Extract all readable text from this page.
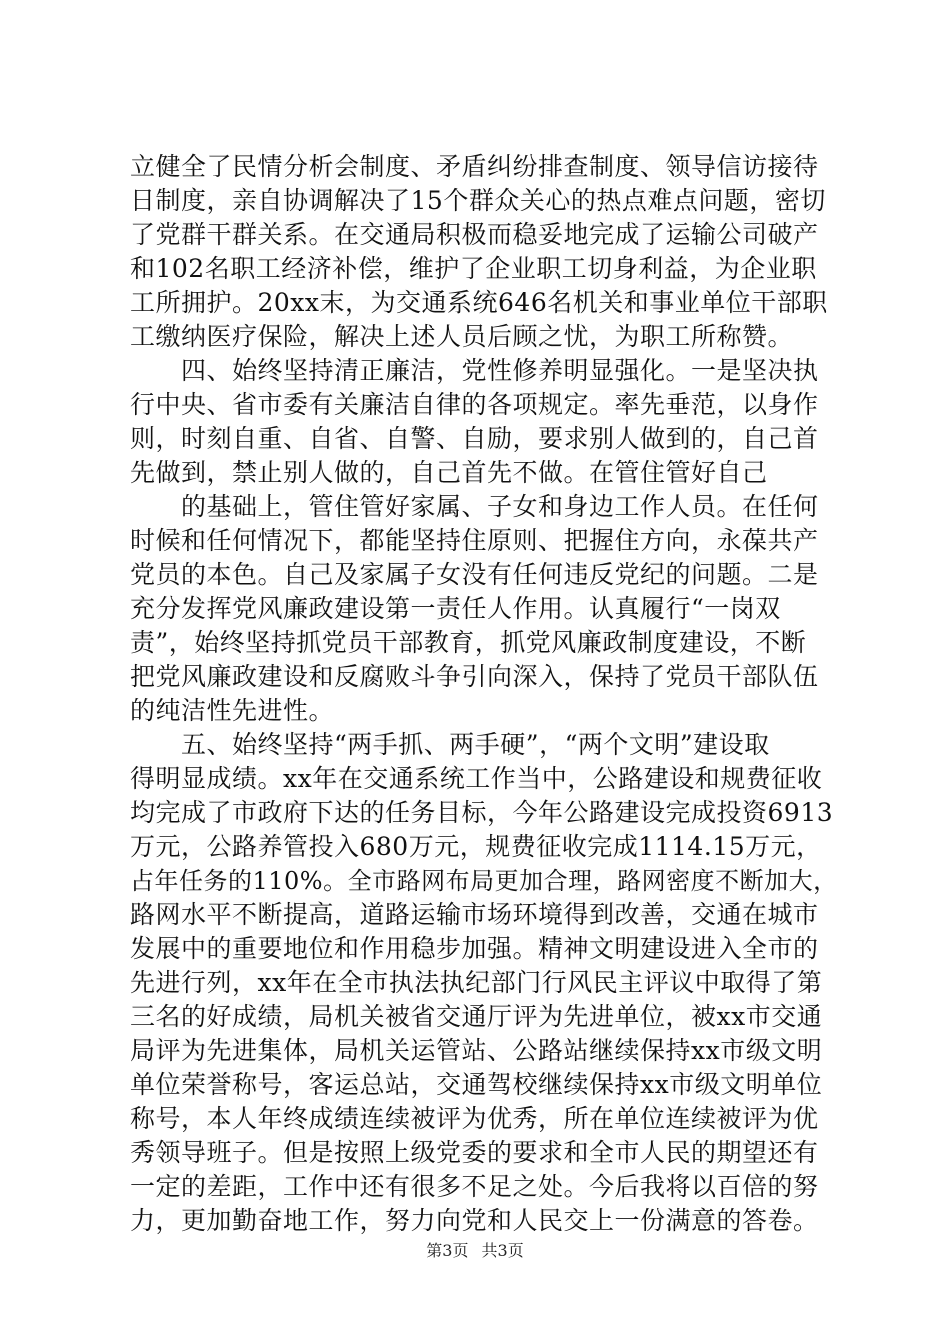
立健全了民情分析会制度、矛盾纠纷排查制度、领导信访接待
日制度，亲自协调解决了15个群众关心的热点难点问题，密切
了党群干群关系。在交通局积极而稳妥地完成了运输公司破产
和102名职工经济补偿，维护了企业职工切身利益，为企业职
工所拥护。20xx末，为交通系统646名机关和事业单位干部职
工缴纳医疗保险，解决上述人员后顾之忧，为职工所称赞。
　　四、始终坚持清正廉洁，党性修养明显强化。一是坚决执
行中央、省市委有关廉洁自律的各项规定。率先垂范，以身作
则，时刻自重、自省、自警、自励，要求别人做到的，自己首
先做到，禁止别人做的，自己首先不做。在管住管好自己
　　的基础上，管住管好家属、子女和身边工作人员。在任何
时候和任何情况下，都能坚持住原则、把握住方向，永葆共产
党员的本色。自己及家属子女没有任何违反党纪的问题。二是
充分发挥党风廉政建设第一责任人作用。认真履行“一岗双
责”，始终坚持抓党员干部教育，抓党风廉政制度建设，不断
把党风廉政建设和反腐败斗争引向深入，保持了党员干部队伍
的纯洁性先进性。
　　五、始终坚持“两手抓、两手硬”，“两个文明”建设取
得明显成绩。xx年在交通系统工作当中，公路建设和规费征收
均完成了市政府下达的任务目标，今年公路建设完成投资6913
万元，公路养管投入680万元，规费征收完成1114.15万元，
占年任务的110%。全市路网布局更加合理，路网密度不断加大，
路网水平不断提高，道路运输市场环境得到改善，交通在城市
发展中的重要地位和作用稳步加强。精神文明建设进入全市的
先进行列，xx年在全市执法执纪部门行风民主评议中取得了第
三名的好成绩，局机关被省交通厅评为先进单位，被xx市交通
局评为先进集体，局机关运管站、公路站继续保持xx市级文明
单位荣誉称号，客运总站，交通驾校继续保持xx市级文明单位
称号，本人年终成绩连续被评为优秀，所在单位连续被评为优
秀领导班子。但是按照上级党委的要求和全市人民的期望还有
一定的差距，工作中还有很多不足之处。今后我将以百倍的努
力，更加勤奋地工作，努力向党和人民交上一份满意的答卷。
第3页 共3页
